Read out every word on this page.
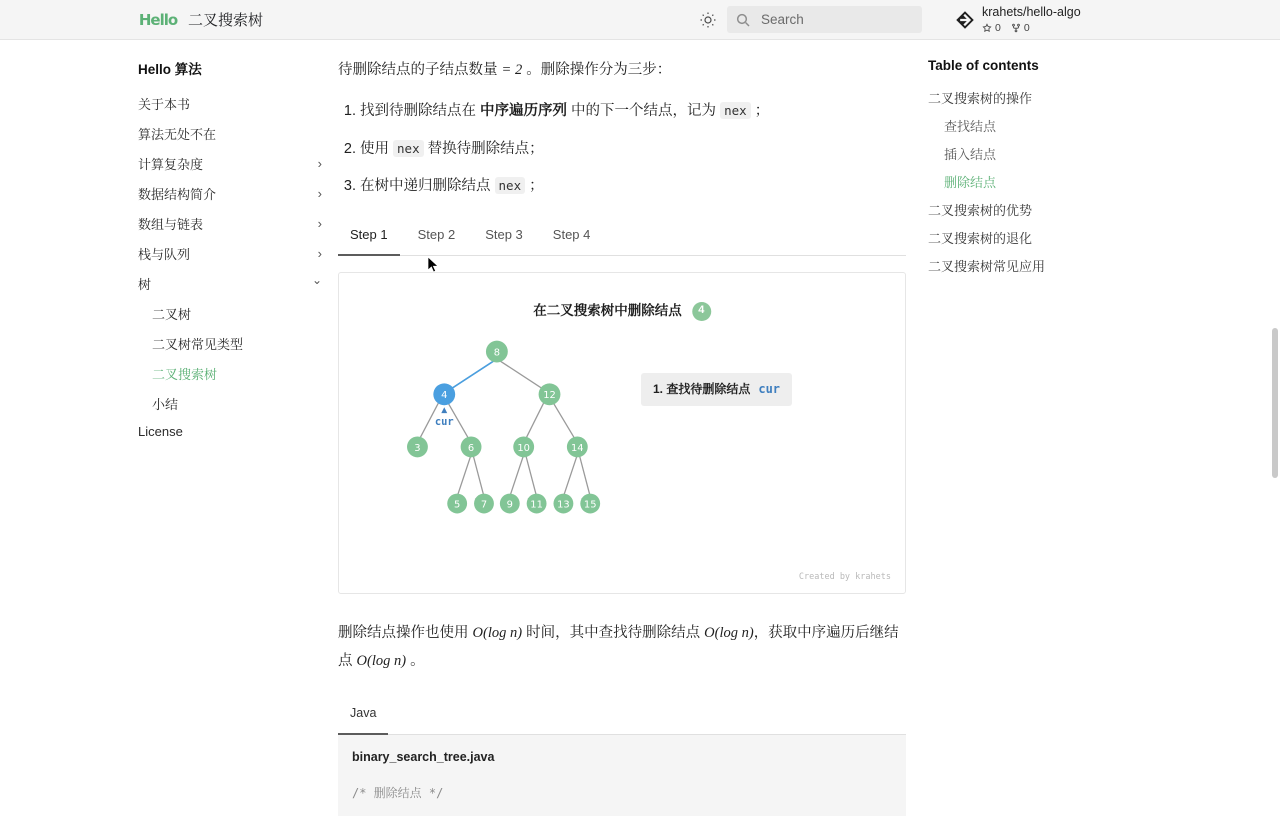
Hello 二叉搜索树
Search	krahets/hello-algo
0 0
Hello 算法
关于本书
算法无处不在
计算复杂度	›
数据结构简介	›
数组与链表	›
栈与队列	›
树	⌄
二叉树
二叉树常见类型
二叉搜索树
小结
License

待删除结点的子结点数量 = 2 。删除操作分为三步：

1. 找到待删除结点在 中序遍历序列 中的下一个结点，记为 nex ；
2. 使用 nex 替换待删除结点；
3. 在树中递归删除结点 nex ；
Step 1	Step 2	Step 3	Step 4
在二叉搜索树中删除结点	4
8
4	12
3	6	10	14
5 7 9 11 13 15
cur
1. 查找待删除结点 cur
Created by krahets

删除结点操作也使用 O(log n) 时间，其中查找待删除结点 O(log n)，获取中序遍历后继结点 O(log n) 。

Java
binary_search_tree.java
/* 删除结点 */
Table of contents
二叉搜索树的操作
查找结点
插入结点
删除结点
二叉搜索树的优势
二叉搜索树的退化
二叉搜索树常见应用
